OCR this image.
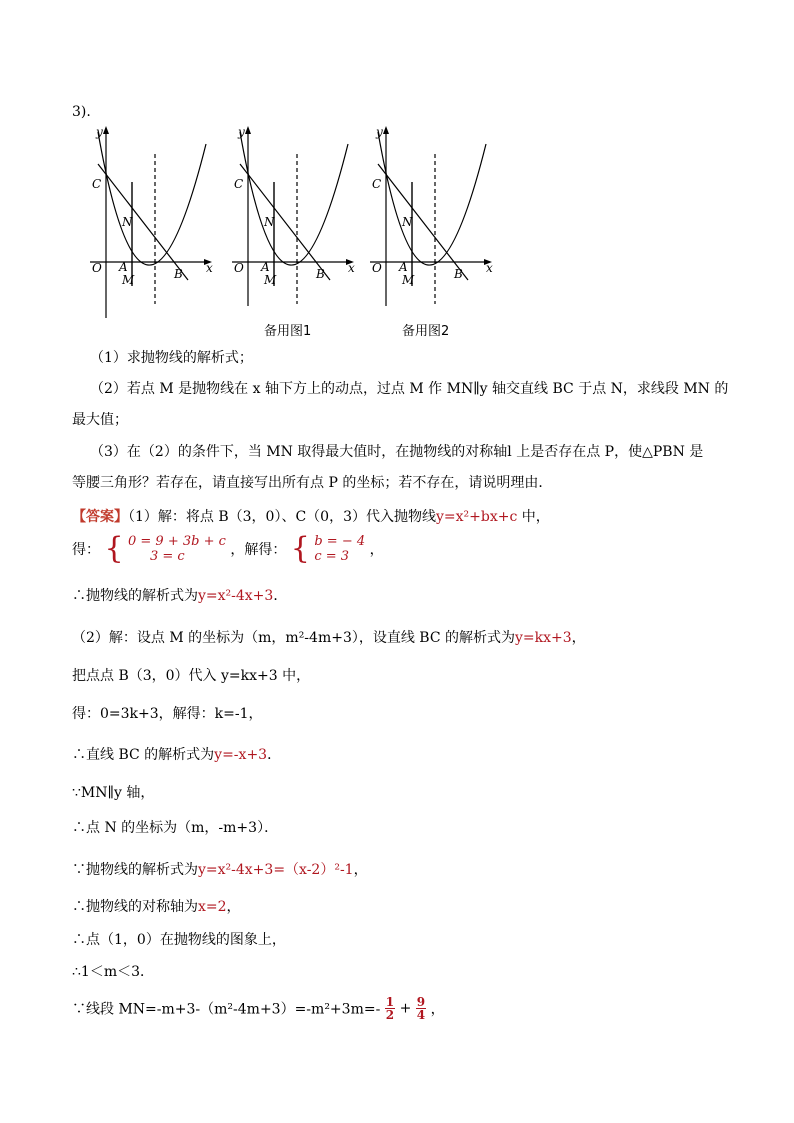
3).
y
x
O A	B
C
M
N
y
x
O A	B
C
M
N
备用图1
y
x
O A	B
C
M
N
备用图2
（1）求抛物线的解析式；
（2）若点 M 是抛物线在 x 轴下方上的动点，过点 M 作 MN∥y 轴交直线 BC 于点 N，求线段 MN 的
最大值；
（3）在（2）的条件下，当 MN 取得最大值时，在抛物线的对称轴l 上是否存在点 P，使△PBN 是
等腰三角形？若存在，请直接写出所有点 P 的坐标；若不存在，请说明理由．
【答案】（1）解：将点 B（3，0）、C（0，3）代入抛物线y=x²+bx+c 中，
得： { 0 = 9 + 3b + c
3 = c	，解得： { b = − 4
c = 3	，
∴抛物线的解析式为y=x²-4x+3．
（2）解：设点 M 的坐标为（m，m²-4m+3），设直线 BC 的解析式为y=kx+3，
把点点 B（3，0）代入 y=kx+3 中，
得：0=3k+3，解得：k=-1，
∴直线 BC 的解析式为y=-x+3．
∵MN∥y 轴，
∴点 N 的坐标为（m，-m+3）．
∵抛物线的解析式为y=x²-4x+3=（x-2）²-1，
∴抛物线的对称轴为x=2，
∴点（1，0）在抛物线的图象上，
∴1＜m＜3．
∵线段 $MN=-m+3-(m^2-4m+3)=-m^2+3m=- \frac{1}{2} + \frac{9}{4}$ ，
